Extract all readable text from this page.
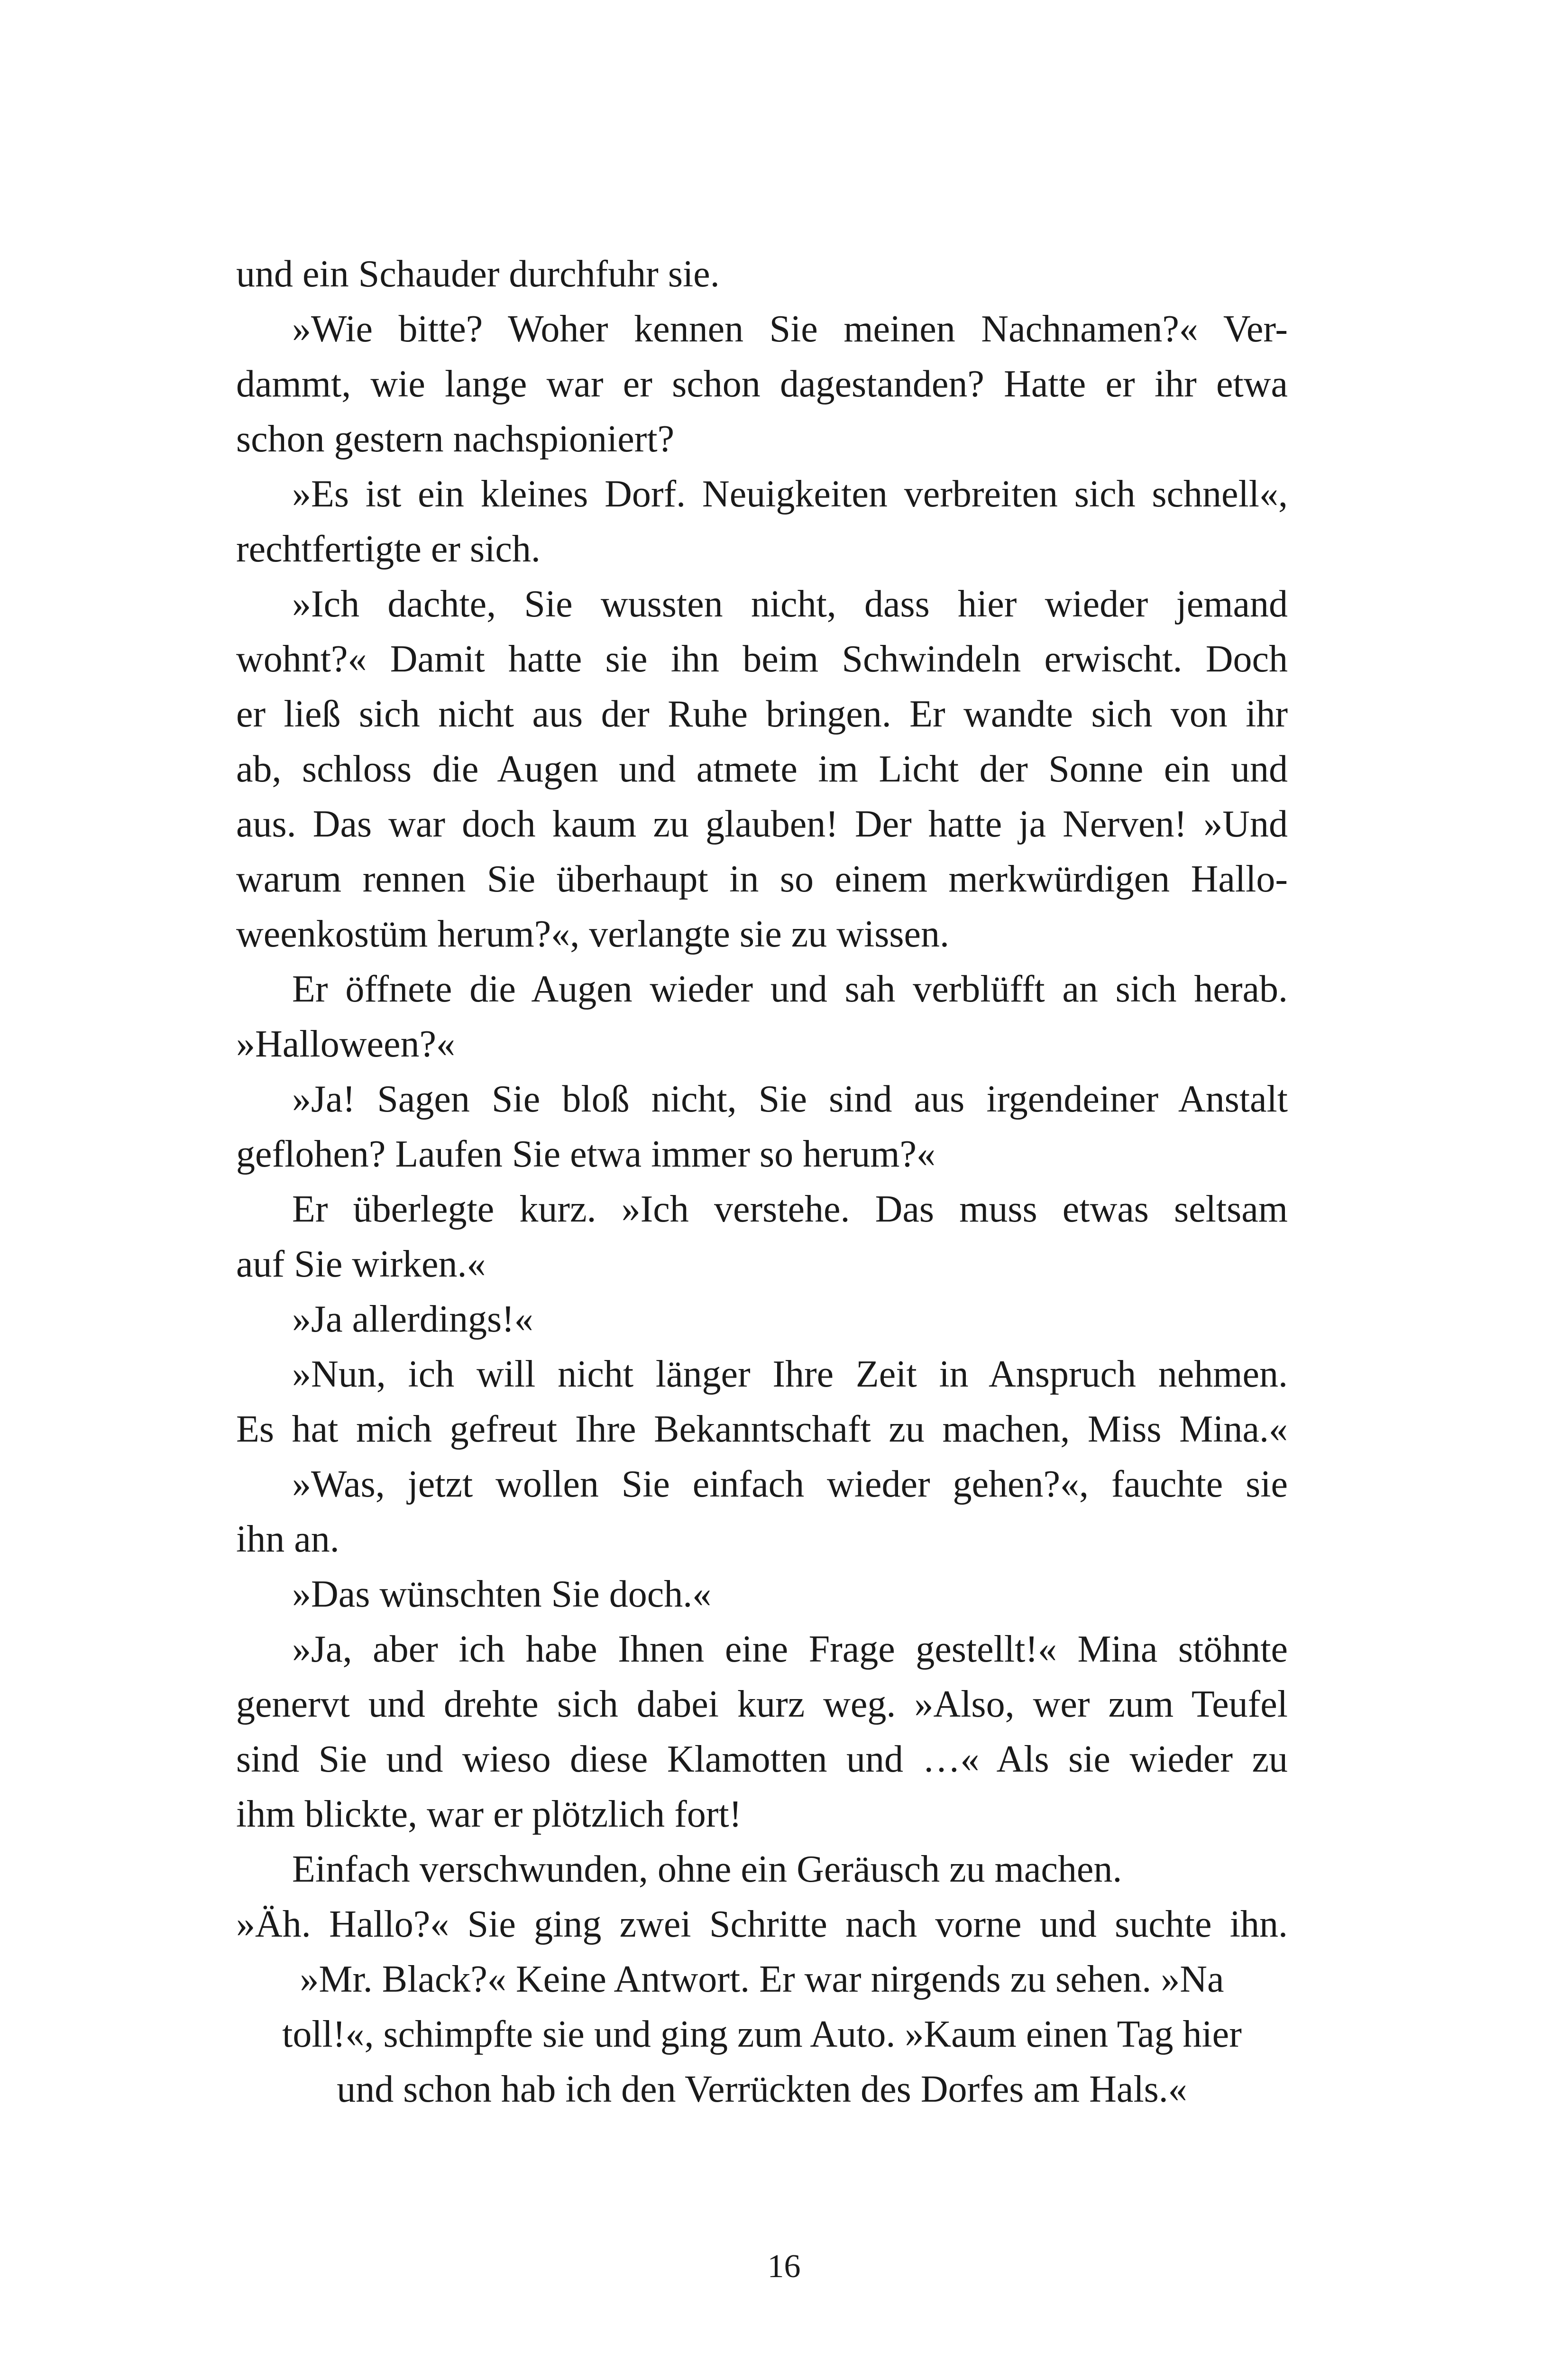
und ein Schauder durchfuhr sie.
»Wie bitte? Woher kennen Sie meinen Nachnamen?« Ver-
dammt, wie lange war er schon dagestanden? Hatte er ihr etwa
schon gestern nachspioniert?
»Es ist ein kleines Dorf. Neuigkeiten verbreiten sich schnell«,
rechtfertigte er sich.
»Ich dachte, Sie wussten nicht, dass hier wieder jemand
wohnt?« Damit hatte sie ihn beim Schwindeln erwischt. Doch
er ließ sich nicht aus der Ruhe bringen. Er wandte sich von ihr
ab, schloss die Augen und atmete im Licht der Sonne ein und
aus. Das war doch kaum zu glauben! Der hatte ja Nerven! »Und
warum rennen Sie überhaupt in so einem merkwürdigen Hallo-
weenkostüm herum?«, verlangte sie zu wissen.
Er öffnete die Augen wieder und sah verblüfft an sich herab.
»Halloween?«
»Ja! Sagen Sie bloß nicht, Sie sind aus irgendeiner Anstalt
geflohen? Laufen Sie etwa immer so herum?«
Er überlegte kurz. »Ich verstehe. Das muss etwas seltsam
auf Sie wirken.«
»Ja allerdings!«
»Nun, ich will nicht länger Ihre Zeit in Anspruch nehmen.
Es hat mich gefreut Ihre Bekanntschaft zu machen, Miss Mina.«
»Was, jetzt wollen Sie einfach wieder gehen?«, fauchte sie
ihn an.
»Das wünschten Sie doch.«
»Ja, aber ich habe Ihnen eine Frage gestellt!« Mina stöhnte
genervt und drehte sich dabei kurz weg. »Also, wer zum Teufel
sind Sie und wieso diese Klamotten und …« Als sie wieder zu
ihm blickte, war er plötzlich fort!
Einfach verschwunden, ohne ein Geräusch zu machen.
»Äh. Hallo?« Sie ging zwei Schritte nach vorne und suchte ihn.
»Mr. Black?« Keine Antwort. Er war nirgends zu sehen. »Na
toll!«, schimpfte sie und ging zum Auto. »Kaum einen Tag hier
und schon hab ich den Verrückten des Dorfes am Hals.«
16
